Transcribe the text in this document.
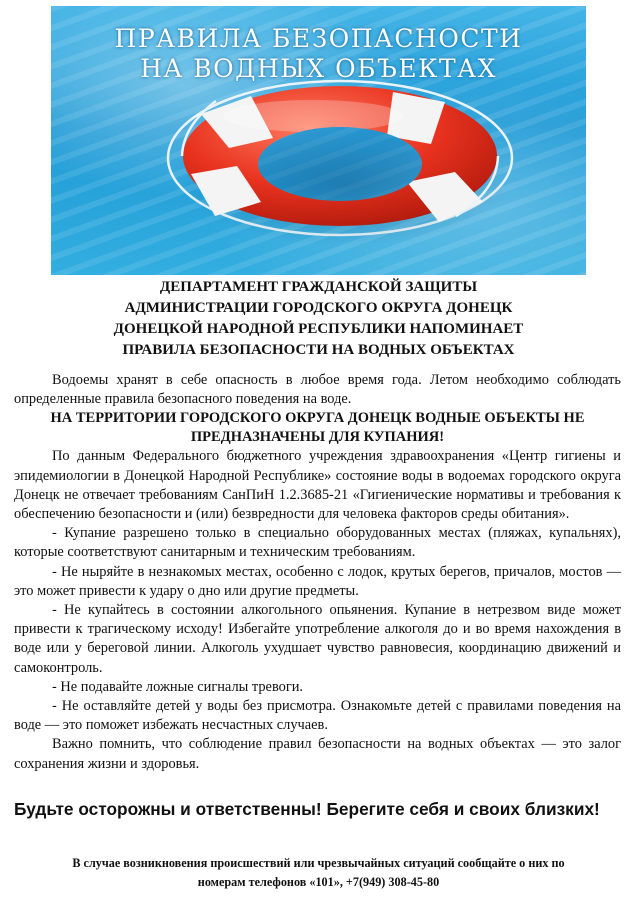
ПРАВИЛА БЕЗОПАСНОСТИ
НА ВОДНЫХ ОБЪЕКТАХ
ДЕПАРТАМЕНТ ГРАЖДАНСКОЙ ЗАЩИТЫ
АДМИНИСТРАЦИИ ГОРОДСКОГО ОКРУГА ДОНЕЦК
ДОНЕЦКОЙ НАРОДНОЙ РЕСПУБЛИКИ НАПОМИНАЕТ
ПРАВИЛА БЕЗОПАСНОСТИ НА ВОДНЫХ ОБЪЕКТАХ

Водоемы хранят в себе опасность в любое время года. Летом необходимо соблюдать определенные правила безопасного поведения на воде.

НА ТЕРРИТОРИИ ГОРОДСКОГО ОКРУГА ДОНЕЦК ВОДНЫЕ ОБЪЕКТЫ НЕ ПРЕДНАЗНАЧЕНЫ ДЛЯ КУПАНИЯ!

По данным Федерального бюджетного учреждения здравоохранения «Центр гигиены и эпидемиологии в Донецкой Народной Республике» состояние воды в водоемах городского округа Донецк не отвечает требованиям СанПиН 1.2.3685-21 «Гигиенические нормативы и требования к обеспечению безопасности и (или) безвредности для человека факторов среды обитания».

- Купание разрешено только в специально оборудованных местах (пляжах, купальнях), которые соответствуют санитарным и техническим требованиям.

- Не ныряйте в незнакомых местах, особенно с лодок, крутых берегов, причалов, мостов — это может привести к удару о дно или другие предметы.

- Не купайтесь в состоянии алкогольного опьянения. Купание в нетрезвом виде может привести к трагическому исходу! Избегайте употребление алкоголя до и во время нахождения в воде или у береговой линии. Алкоголь ухудшает чувство равновесия, координацию движений и самоконтроль.

- Не подавайте ложные сигналы тревоги.

- Не оставляйте детей у воды без присмотра. Ознакомьте детей с правилами поведения на воде — это поможет избежать несчастных случаев.

Важно помнить, что соблюдение правил безопасности на водных объектах — это залог сохранения жизни и здоровья.

Будьте осторожны и ответственны! Берегите себя и своих близких!
В случае возникновения происшествий или чрезвычайных ситуаций сообщайте о них по
номерам телефонов «101», +7(949) 308-45-80
